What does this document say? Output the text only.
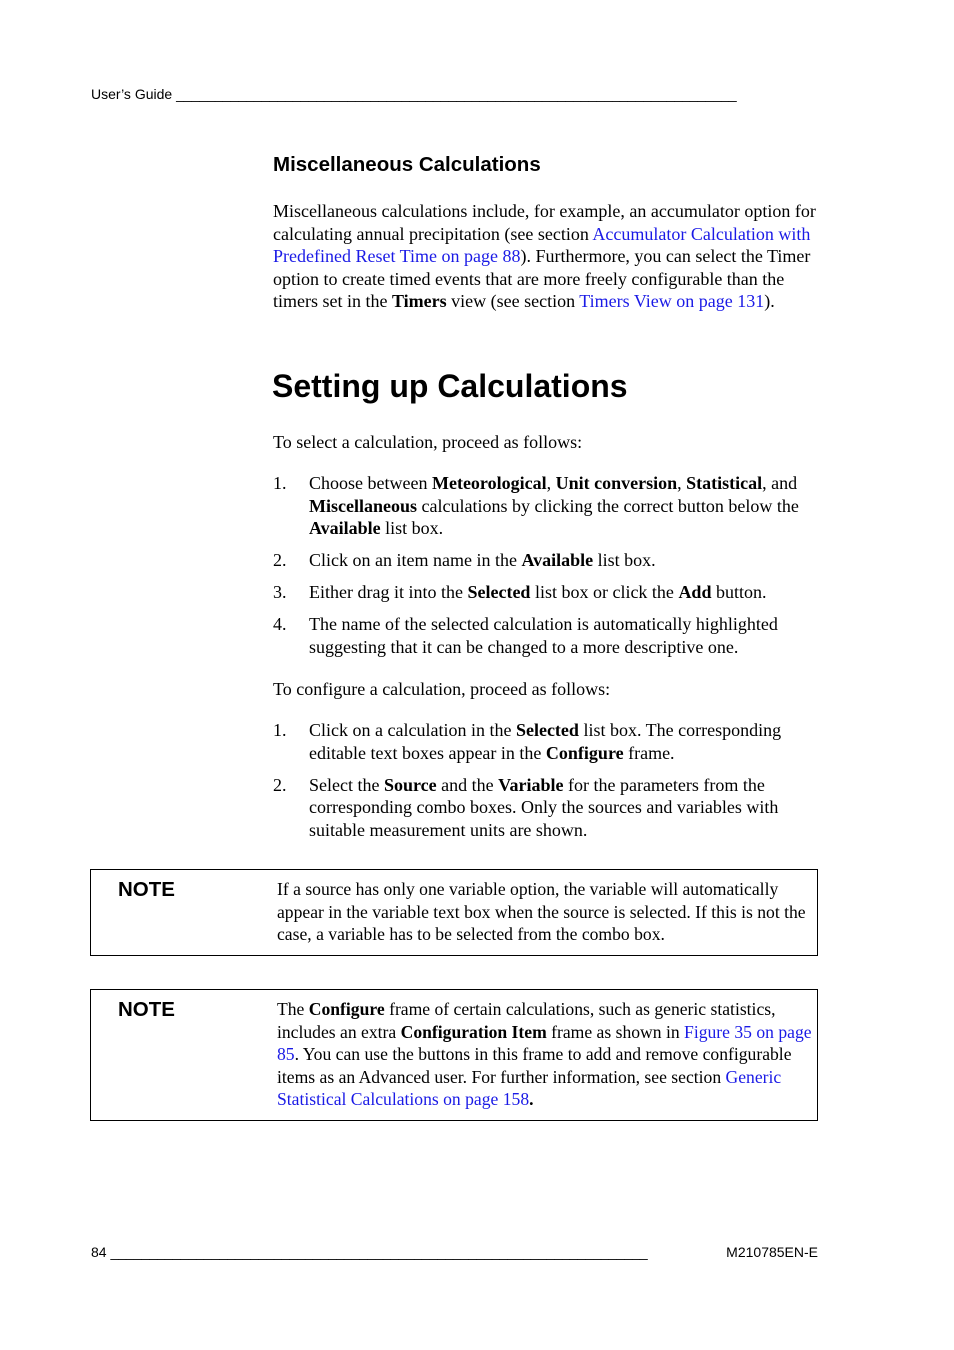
User’s Guide ________________________________________________________________________
Miscellaneous Calculations
Miscellaneous calculations include, for example, an accumulator option for calculating annual precipitation (see section Accumulator Calculation with Predefined Reset Time on page 88). Furthermore, you can select the Timer option to create timed events that are more freely configurable than the timers set in the Timers view (see section Timers View on page 131).
Setting up Calculations
To select a calculation, proceed as follows:
1. Choose between Meteorological, Unit conversion, Statistical, and Miscellaneous calculations by clicking the correct button below the Available list box.
2. Click on an item name in the Available list box.
3. Either drag it into the Selected list box or click the Add button.
4. The name of the selected calculation is automatically highlighted suggesting that it can be changed to a more descriptive one.
To configure a calculation, proceed as follows:
1. Click on a calculation in the Selected list box. The corresponding editable text boxes appear in the Configure frame.
2. Select the Source and the Variable for the parameters from the corresponding combo boxes. Only the sources and variables with suitable measurement units are shown.
NOTE	If a source has only one variable option, the variable will automatically appear in the variable text box when the source is selected. If this is not the case, a variable has to be selected from the combo box.
NOTE	The Configure frame of certain calculations, such as generic statistics, includes an extra Configuration Item frame as shown in Figure 35 on page 85. You can use the buttons in this frame to add and remove configurable items as an Advanced user. For further information, see section Generic Statistical Calculations on page 158.
84 _____________________________________________________________________	M210785EN-E
